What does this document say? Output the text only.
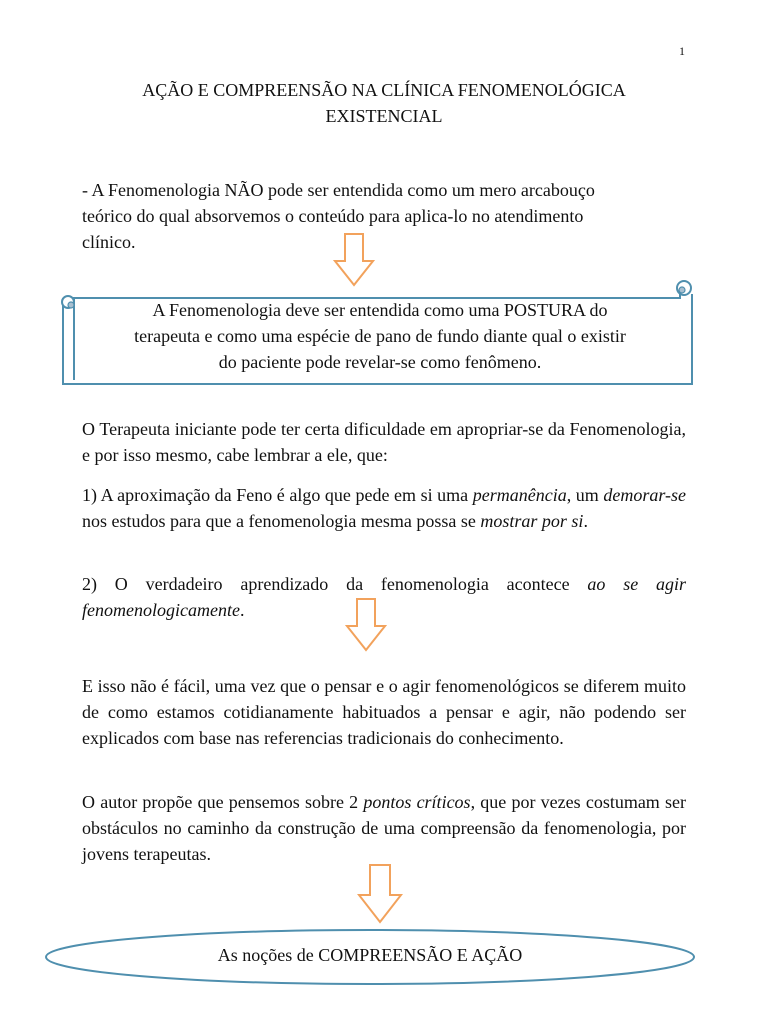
1
AÇÃO E COMPREENSÃO NA CLÍNICA FENOMENOLÓGICA
EXISTENCIAL

- A Fenomenologia NÃO pode ser entendida como um mero arcabouço
teórico do qual absorvemos o conteúdo para aplica-lo no atendimento
clínico.

A Fenomenologia deve ser entendida como uma POSTURA do
terapeuta e como uma espécie de pano de fundo diante qual o existir
do paciente pode revelar-se como fenômeno.

O Terapeuta iniciante pode ter certa dificuldade em apropriar-se da Fenomenologia, e por isso mesmo, cabe lembrar a ele, que:

1) A aproximação da Feno é algo que pede em si uma permanência, um demorar-se nos estudos para que a fenomenologia mesma possa se mostrar por si.

2) O verdadeiro aprendizado da fenomenologia acontece ao se agir fenomenologicamente.

E isso não é fácil, uma vez que o pensar e o agir fenomenológicos se diferem muito de como estamos cotidianamente habituados a pensar e agir, não podendo ser explicados com base nas referencias tradicionais do conhecimento.

O autor propõe que pensemos sobre 2 pontos críticos, que por vezes costumam ser obstáculos no caminho da construção de uma compreensão da fenomenologia, por jovens terapeutas.

As noções de COMPREENSÃO E AÇÃO
